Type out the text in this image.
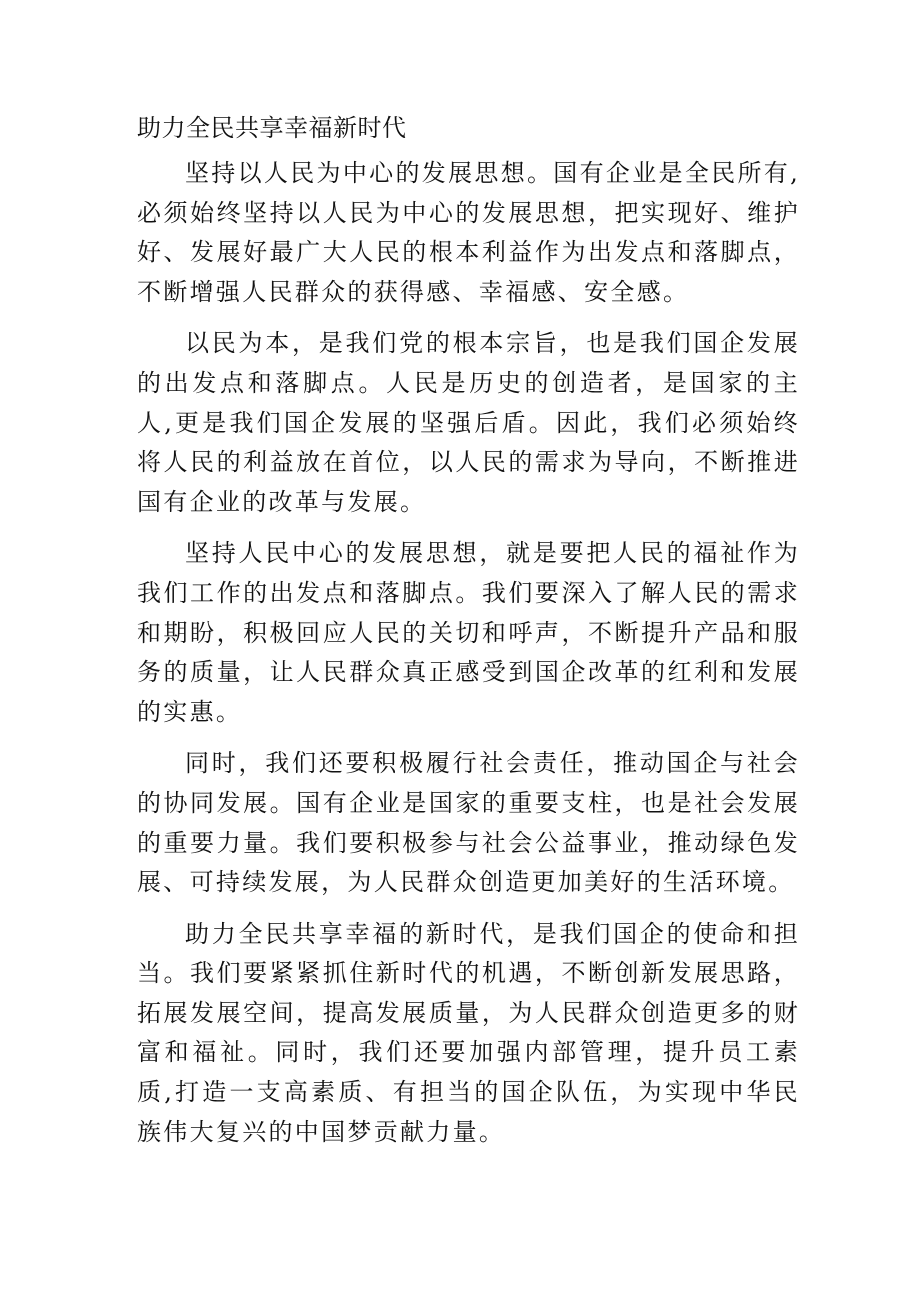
助力全民共享幸福新时代

坚持以人民为中心的发展思想。国有企业是全民所有,必须始终坚持以人民为中心的发展思想，把实现好、维护好、发展好最广大人民的根本利益作为出发点和落脚点，不断增强人民群众的获得感、幸福感、安全感。

以民为本，是我们党的根本宗旨，也是我们国企发展的出发点和落脚点。人民是历史的创造者，是国家的主人,更是我们国企发展的坚强后盾。因此，我们必须始终将人民的利益放在首位，以人民的需求为导向，不断推进国有企业的改革与发展。

坚持人民中心的发展思想，就是要把人民的福祉作为我们工作的出发点和落脚点。我们要深入了解人民的需求和期盼，积极回应人民的关切和呼声，不断提升产品和服务的质量，让人民群众真正感受到国企改革的红利和发展的实惠。

同时，我们还要积极履行社会责任，推动国企与社会的协同发展。国有企业是国家的重要支柱，也是社会发展的重要力量。我们要积极参与社会公益事业，推动绿色发展、可持续发展，为人民群众创造更加美好的生活环境。

助力全民共享幸福的新时代，是我们国企的使命和担当。我们要紧紧抓住新时代的机遇，不断创新发展思路，拓展发展空间，提高发展质量，为人民群众创造更多的财富和福祉。同时，我们还要加强内部管理，提升员工素质,打造一支高素质、有担当的国企队伍，为实现中华民族伟大复兴的中国梦贡献力量。
